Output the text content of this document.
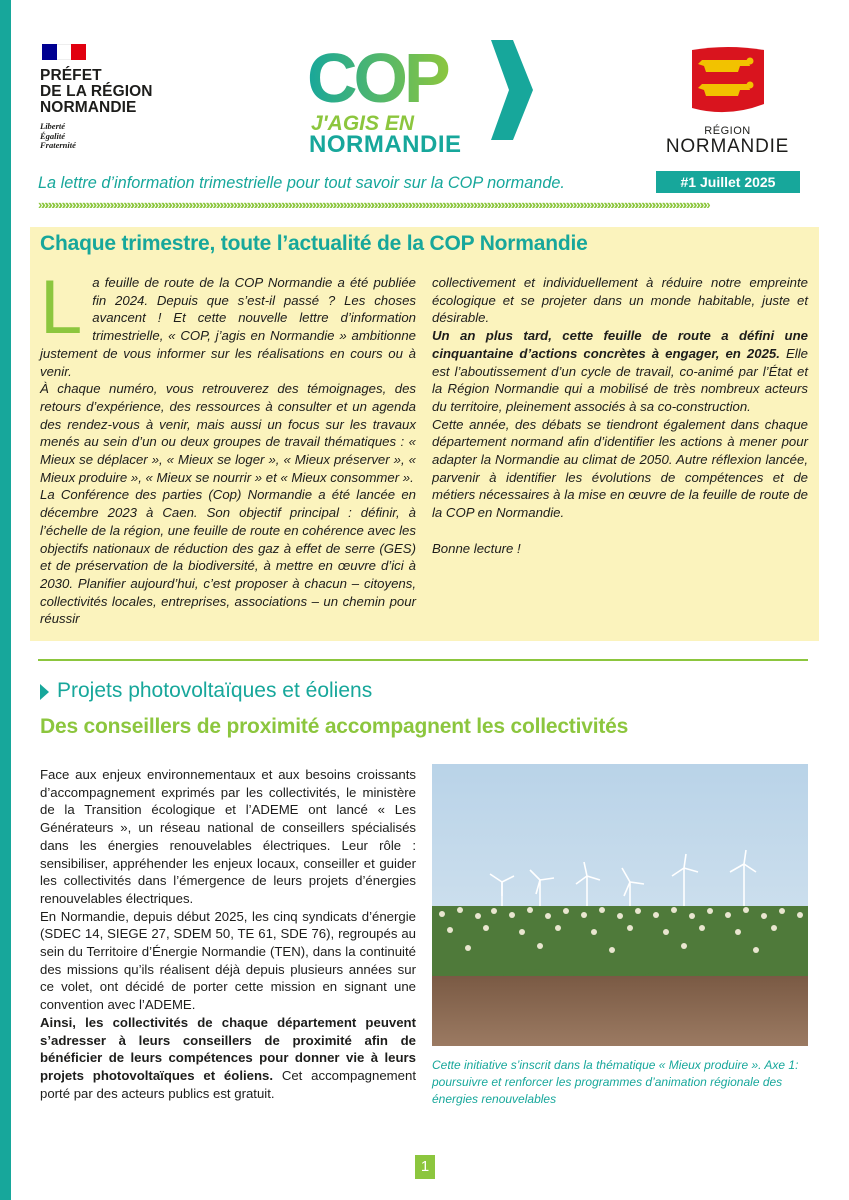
PRÉFET
DE LA RÉGION
NORMANDIE
Liberté
Égalité
Fraternité
COP
J'AGIS EN
NORMANDIE	RÉGION
NORMANDIE
La lettre d’information trimestrielle pour tout savoir sur la COP normande.	#1 Juillet 2025
»»»»»»»»»»»»»»»»»»»»»»»»»»»»»»»»»»»»»»»»»»»»»»»»»»»»»»»»»»»»»»»»»»»»»»»»»»»»»»»»»»»»»»»»»»»»»»»»»»»»»»»»»»»»»»»»»»»»»»»»»»»»»»»»»»»»»»»»»»»»»»»»»»»»»»»»»»»»»»»»»»»»»»»»»»»»»»»»»»»»»»»»»»»»»»»»»»»
Chaque trimestre, toute l’actualité de la COP Normandie
L a feuille de route de la COP Normandie a été publiée fin 2024. Depuis que s’est-il passé ? Les choses avancent ! Et cette nouvelle lettre d’information trimestrielle, « COP, j’agis en Normandie » ambitionne justement de vous informer sur les réalisations en cours ou à venir.

À chaque numéro, vous retrouverez des témoignages, des retours d’expérience, des ressources à consulter et un agenda des rendez-vous à venir, mais aussi un focus sur les travaux menés au sein d’un ou deux groupes de travail thématiques : « Mieux se déplacer », « Mieux se loger », « Mieux préserver », « Mieux produire », « Mieux se nourrir » et « Mieux consommer ».

La Conférence des parties (Cop) Normandie a été lancée en décembre 2023 à Caen. Son objectif principal : définir, à l’échelle de la région, une feuille de route en cohérence avec les objectifs nationaux de réduction des gaz à effet de serre (GES) et de préservation de la biodiversité, à mettre en œuvre d’ici à 2030. Planifier aujourd’hui, c’est proposer à chacun – citoyens, collectivités locales, entreprises, associations – un chemin pour réussir

collectivement et individuellement à réduire notre empreinte écologique et se projeter dans un monde habitable, juste et désirable.

Un an plus tard, cette feuille de route a défini une cinquantaine d’actions concrètes à engager, en 2025. Elle est l’aboutissement d’un cycle de travail, co-animé par l’État et la Région Normandie qui a mobilisé de très nombreux acteurs du territoire, pleinement associés à sa co-construction.

Cette année, des débats se tiendront également dans chaque département normand afin d’identifier les actions à mener pour adapter la Normandie au climat de 2050. Autre réflexion lancée, parvenir à identifier les évolutions de compétences et de métiers nécessaires à la mise en œuvre de la feuille de route de la COP en Normandie.

Bonne lecture !

Projets photovoltaïques et éoliens
Des conseillers de proximité accompagnent les collectivités

Face aux enjeux environnementaux et aux besoins croissants d’accompagnement exprimés par les collectivités, le ministère de la Transition écologique et l’ADEME ont lancé « Les Générateurs », un réseau national de conseillers spécialisés dans les énergies renouvelables électriques. Leur rôle : sensibiliser, appréhender les enjeux locaux, conseiller et guider les collectivités dans l’émergence de leurs projets d’énergies renouvelables électriques.

En Normandie, depuis début 2025, les cinq syndicats d’énergie (SDEC 14, SIEGE 27, SDEM 50, TE 61, SDE 76), regroupés au sein du Territoire d’Énergie Normandie (TEN), dans la continuité des missions qu’ils réalisent déjà depuis plusieurs années sur ce volet, ont décidé de porter cette mission en signant une convention avec l’ADEME.

Ainsi, les collectivités de chaque département peuvent s’adresser à leurs conseillers de proximité afin de bénéficier de leurs compétences pour donner vie à leurs projets photovoltaïques et éoliens. Cet accompagnement porté par des acteurs publics est gratuit.

Cette initiative s’inscrit dans la thématique « Mieux produire ». Axe 1: poursuivre et renforcer les programmes d’animation régionale des énergies renouvelables
1
